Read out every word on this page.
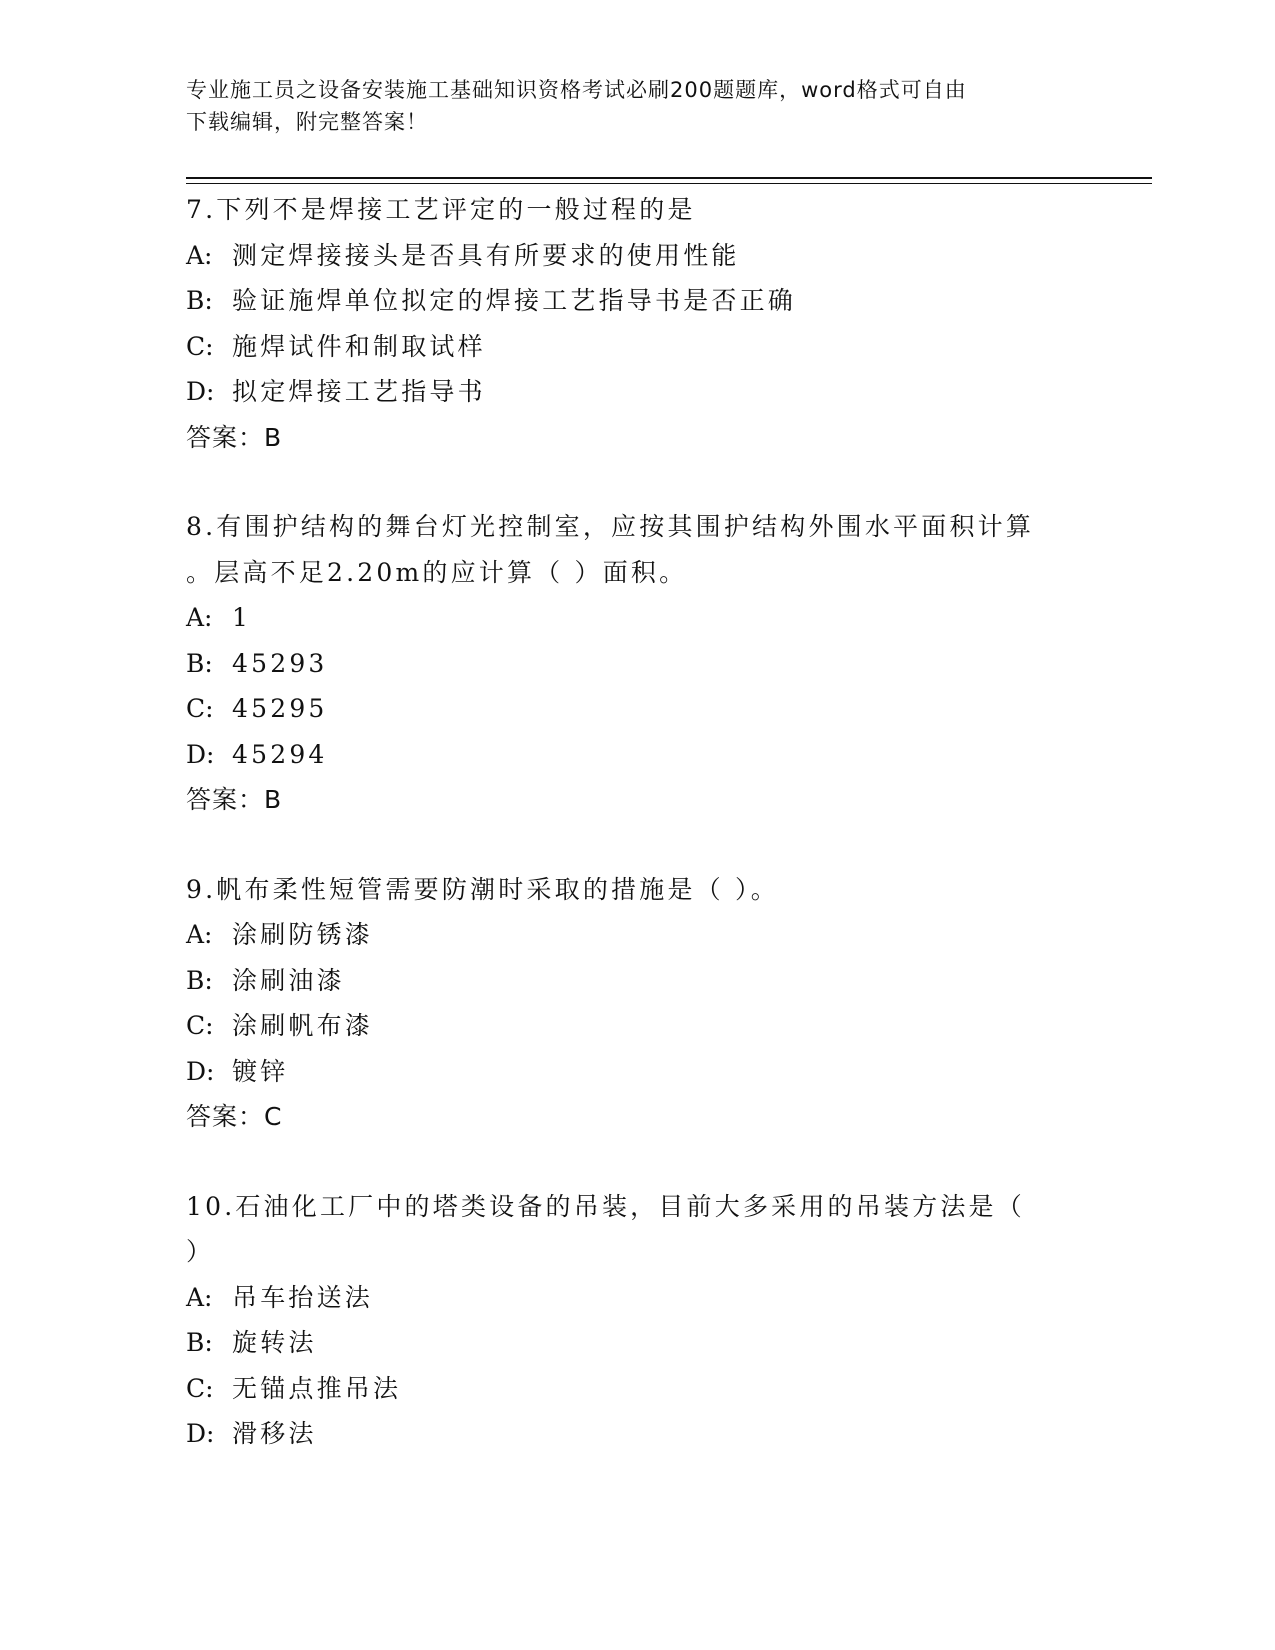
专业施工员之设备安装施工基础知识资格考试必刷200题题库，word格式可自由
下载编辑，附完整答案！
7.下列不是焊接工艺评定的一般过程的是
A: 测定焊接接头是否具有所要求的使用性能
B: 验证施焊单位拟定的焊接工艺指导书是否正确
C: 施焊试件和制取试样
D: 拟定焊接工艺指导书
答案：B
8.有围护结构的舞台灯光控制室，应按其围护结构外围水平面积计算
。层高不足2.20m的应计算（ ）面积。
A: 1
B: 45293
C: 45295
D: 45294
答案：B
9.帆布柔性短管需要防潮时采取的措施是（ ）。
A: 涂刷防锈漆
B: 涂刷油漆
C: 涂刷帆布漆
D: 镀锌
答案：C
10.石油化工厂中的塔类设备的吊装，目前大多采用的吊装方法是（
）
A: 吊车抬送法
B: 旋转法
C: 无锚点推吊法
D: 滑移法
